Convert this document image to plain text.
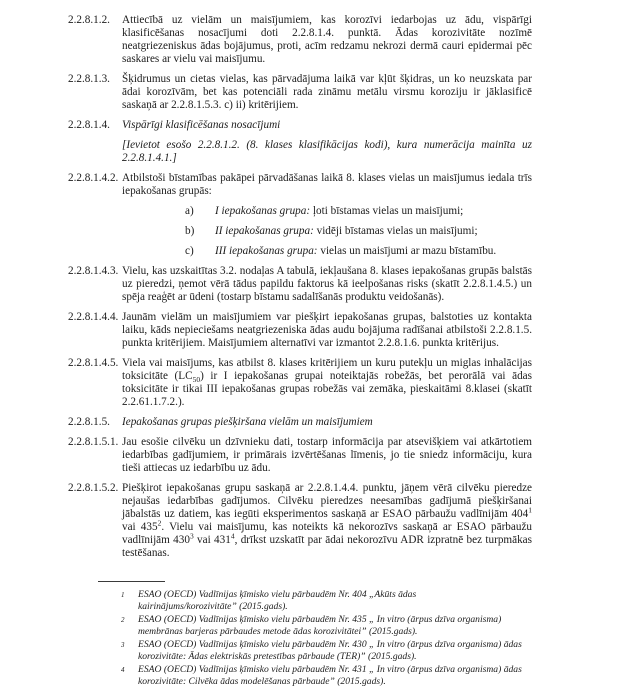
2.2.8.1.2.	Attiecībā uz vielām un maisījumiem, kas korozīvi iedarbojas uz ādu, vispārīgi klasificēšanas nosacījumi doti 2.2.8.1.4. punktā. Ādas korozivitāte nozīmē neatgriezeniskus ādas bojājumus, proti, acīm redzamu nekrozi dermā cauri epidermai pēc saskares ar vielu vai maisījumu.
2.2.8.1.3.	Šķidrumus un cietas vielas, kas pārvadājuma laikā var kļūt šķidras, un ko neuzskata par ādai korozīvām, bet kas potenciāli rada zināmu metālu virsmu koroziju ir jāklasificē saskaņā ar 2.2.8.1.5.3. c) ii) kritērijiem.
2.2.8.1.4.	Vispārīgi klasificēšanas nosacījumi
[Ievietot esošo 2.2.8.1.2. (8. klases klasifikācijas kodi), kura numerācija mainīta uz 2.2.8.1.4.1.]
2.2.8.1.4.2. Atbilstoši bīstamības pakāpei pārvadāšanas laikā 8. klases vielas un maisījumus iedala trīs iepakošanas grupās:
a)	I iepakošanas grupa: ļoti bīstamas vielas un maisījumi;
b)	II iepakošanas grupa: vidēji bīstamas vielas un maisījumi;
c)	III iepakošanas grupa: vielas un maisījumi ar mazu bīstamību.
2.2.8.1.4.3. Vielu, kas uzskaitītas 3.2. nodaļas A tabulā, iekļaušana 8. klases iepakošanas grupās balstās uz pieredzi, ņemot vērā tādus papildu faktorus kā ieelpošanas risks (skatīt 2.2.8.1.4.5.) un spēja reaģēt ar ūdeni (tostarp bīstamu sadalīšanās produktu veidošanās).
2.2.8.1.4.4. Jaunām vielām un maisījumiem var piešķirt iepakošanas grupas, balstoties uz kontakta laiku, kāds nepieciešams neatgriezeniska ādas audu bojājuma radīšanai atbilstoši 2.2.8.1.5. punkta kritērijiem. Maisījumiem alternatīvi var izmantot 2.2.8.1.6. punkta kritērijus.
2.2.8.1.4.5. Viela vai maisījums, kas atbilst 8. klases kritērijiem un kuru putekļu un miglas inhalācijas toksicitāte $(LC_{50})$ ir I iepakošanas grupai noteiktajās robežās, bet perorālā vai ādas toksicitāte ir tikai III iepakošanas grupas robežās vai zemāka, pieskaitāmi 8.klasei (skatīt 2.2.61.1.7.2.).
2.2.8.1.5.	Iepakošanas grupas piešķiršana vielām un maisījumiem
2.2.8.1.5.1. Jau esošie cilvēku un dzīvnieku dati, tostarp informācija par atsevišķiem vai atkārtotiem iedarbības gadījumiem, ir primārais izvērtēšanas līmenis, jo tie sniedz informāciju, kura tieši attiecas uz iedarbību uz ādu.
2.2.8.1.5.2. Piešķirot iepakošanas grupu saskaņā ar 2.2.8.1.4.4. punktu, jāņem vērā cilvēku pieredze nejaušas iedarbības gadījumos. Cilvēku pieredzes neesamības gadījumā piešķiršanai jābalstās uz datiem, kas iegūti eksperimentos saskaņā ar ESAO pārbaužu vadlīnijām $404^1$ vai $435^2$. Vielu vai maisījumu, kas noteikts kā nekorozīvs saskaņā ar ESAO pārbaužu vadlīnijām $430^3$ vai $431^4$, drīkst uzskatīt par ādai nekorozīvu ADR izpratnē bez turpmākas testēšanas.
1	ESAO (OECD) Vadlīnijas ķīmisko vielu pārbaudēm Nr. 404 „Akūts ādas
kairinājums/korozivitāte” (2015.gads).
2	ESAO (OECD) Vadlīnijas ķīmisko vielu pārbaudēm Nr. 435 „ In vitro (ārpus dzīva organisma)
membrānas barjeras pārbaudes metode ādas korozivitātei” (2015.gads).
3	ESAO (OECD) Vadlīnijas ķīmisko vielu pārbaudēm Nr. 430 „ In vitro (ārpus dzīva organisma) ādas
korozivitāte: Ādas elektriskās pretestības pārbaude (TER)” (2015.gads).
4	ESAO (OECD) Vadlīnijas ķīmisko vielu pārbaudēm Nr. 431 „ In vitro (ārpus dzīva organisma) ādas
korozivitāte: Cilvēka ādas modelēšanas pārbaude” (2015.gads).
